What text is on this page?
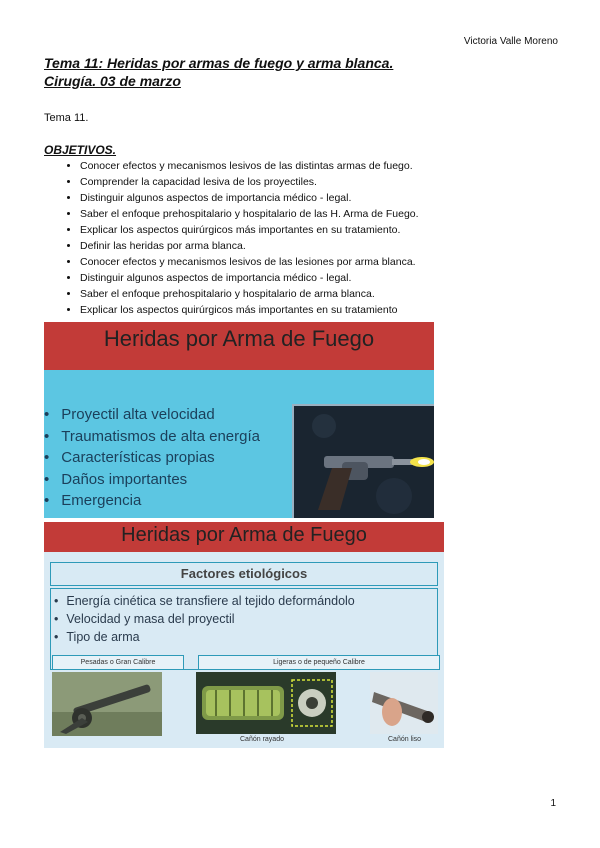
Victoria Valle Moreno
Tema 11: Heridas por armas de fuego y arma blanca.
Cirugía. 03 de marzo
Tema 11.
OBJETIVOS.
• Conocer efectos y mecanismos lesivos de las distintas armas de fuego.
• Comprender la capacidad lesiva de los proyectiles.
• Distinguir algunos aspectos de importancia médico - legal.
• Saber el enfoque prehospitalario y hospitalario de las H. Arma de Fuego.
• Explicar los aspectos quirúrgicos más importantes en su tratamiento.
• Definir las heridas por arma blanca.
• Conocer efectos y mecanismos lesivos de las lesiones por arma blanca.
• Distinguir algunos aspectos de importancia médico - legal.
• Saber el enfoque prehospitalario y hospitalario de arma blanca.
• Explicar los aspectos quirúrgicos más importantes en su tratamiento
Heridas por Arma de Fuego
• Proyectil alta velocidad
• Traumatismos de alta energía
• Características propias
• Daños importantes
• Emergencia
Heridas por Arma de Fuego
Factores etiológicos
• Energía cinética se transfiere al tejido deformándolo
• Velocidad y masa del proyectil
• Tipo de arma
Pesadas o Gran Calibre	Ligeras o de pequeño Calibre
Cañón rayado	Cañón liso
1
